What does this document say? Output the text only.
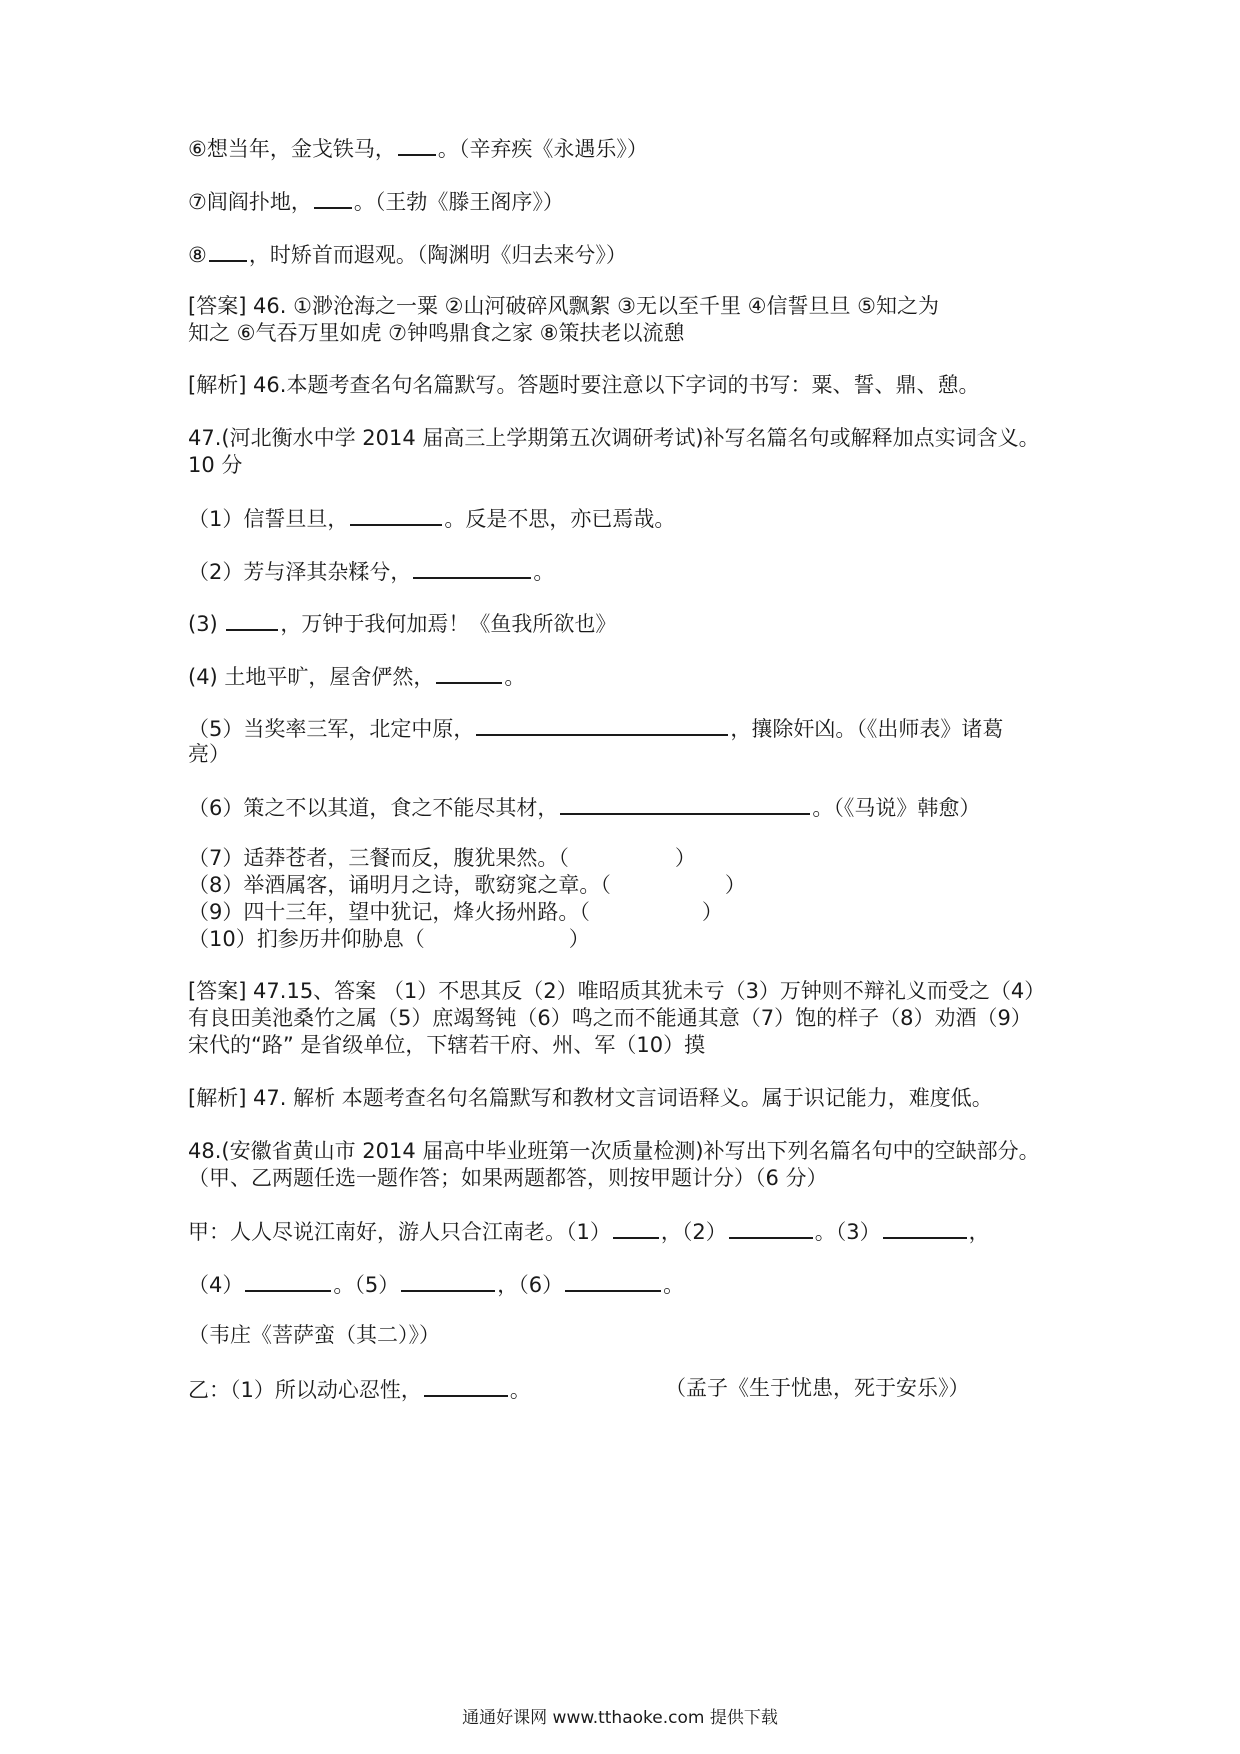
⑥想当年，金戈铁马， 。（辛弃疾《永遇乐》）
⑦闾阎扑地， 。（王勃《滕王阁序》）
⑧ ，时矫首而遐观。（陶渊明《归去来兮》）
[答案] 46. ①渺沧海之一粟 ②山河破碎风飘絮 ③无以至千里 ④信誓旦旦 ⑤知之为
知之 ⑥气吞万里如虎 ⑦钟鸣鼎食之家 ⑧策扶老以流憩
[解析] 46.本题考查名句名篇默写。答题时要注意以下字词的书写：粟、誓、鼎、憩。
47.(河北衡水中学 2014 届高三上学期第五次调研考试)补写名篇名句或解释加点实词含义。
10 分
（1）信誓旦旦，	。反是不思，亦已焉哉。
（2）芳与泽其杂糅兮，	。
(3)	，万钟于我何加焉！《鱼我所欲也》
(4) 土地平旷，屋舍俨然，	。
（5）当奖率三军，北定中原，	，攘除奸凶。（《出师表》诸葛
亮）
（6）策之不以其道，食之不能尽其材，	。（《马说》韩愈）
（7）适莽苍者，三餐而反，腹犹果然。（	）
（8）举酒属客，诵明月之诗，歌窈窕之章。（	）
（9）四十三年，望中犹记，烽火扬州路。（	）
（10）扪参历井仰胁息（	）
[答案] 47.15、答案 （1）不思其反（2）唯昭质其犹未亏（3）万钟则不辩礼义而受之（4）
有良田美池桑竹之属（5）庶竭驽钝（6）鸣之而不能通其意（7）饱的样子（8）劝酒（9）
宋代的“路” 是省级单位，下辖若干府、州、军（10）摸
[解析] 47. 解析 本题考查名句名篇默写和教材文言词语释义。属于识记能力，难度低。
48.(安徽省黄山市 2014 届高中毕业班第一次质量检测)补写出下列名篇名句中的空缺部分。
（甲、乙两题任选一题作答；如果两题都答，则按甲题计分）（6 分）
甲：人人尽说江南好，游人只合江南老。（1） ，（2）	。（3）	，
（4）	。（5）	，（6）	。
（韦庄《菩萨蛮（其二）》）
乙：（1）所以动心忍性，	。	（孟子《生于忧患，死于安乐》）
通通好课网 www.tthaoke.com 提供下载
